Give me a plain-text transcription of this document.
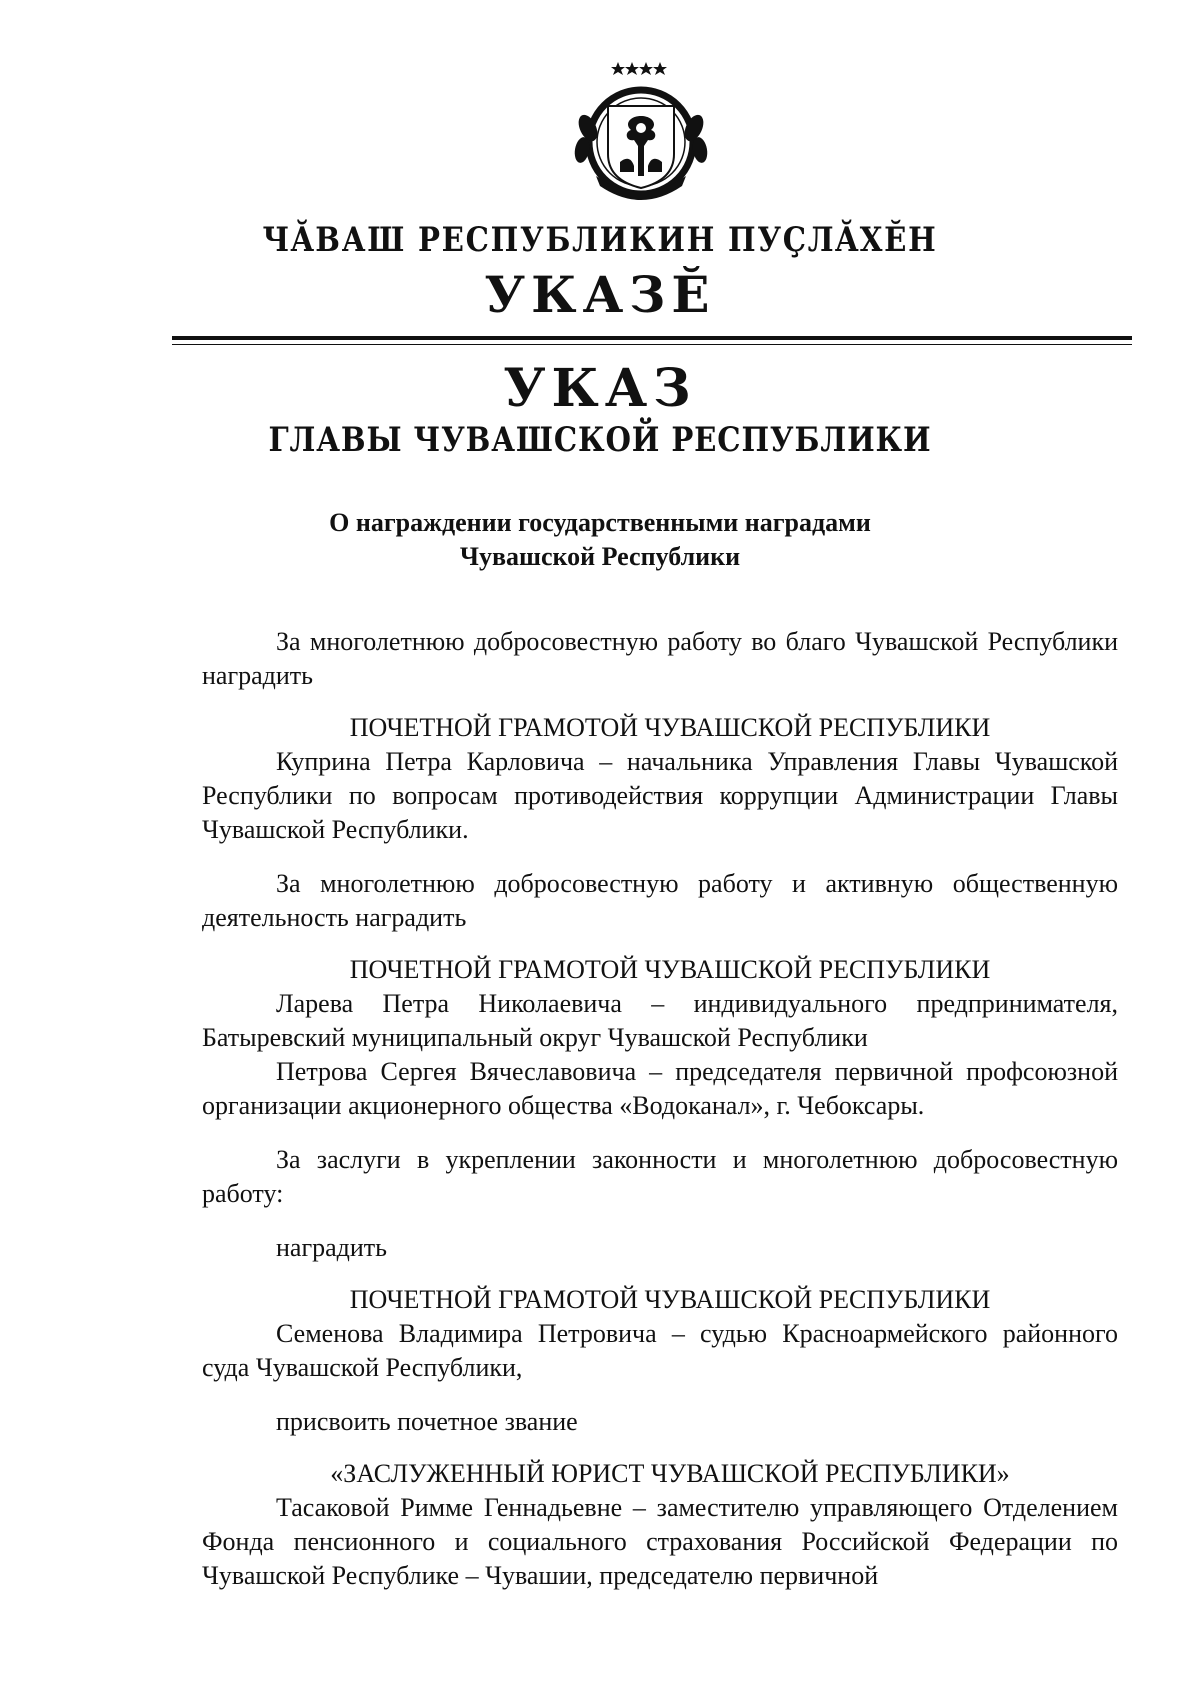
ЧĂВАШ РЕСПУБЛИКИН ПУÇЛĂХĔН
УКАЗĔ
УКАЗ
ГЛАВЫ ЧУВАШСКОЙ РЕСПУБЛИКИ
О награждении государственными наградами
Чувашской Республики

За многолетнюю добросовестную работу во благо Чувашской Республики наградить

ПОЧЕТНОЙ ГРАМОТОЙ ЧУВАШСКОЙ РЕСПУБЛИКИ

Куприна Петра Карловича – начальника Управления Главы Чувашской Республики по вопросам противодействия коррупции Администрации Главы Чувашской Республики.

За многолетнюю добросовестную работу и активную общественную деятельность наградить

ПОЧЕТНОЙ ГРАМОТОЙ ЧУВАШСКОЙ РЕСПУБЛИКИ

Ларева Петра Николаевича – индивидуального предпринимателя, Батыревский муниципальный округ Чувашской Республики

Петрова Сергея Вячеславовича – председателя первичной профсоюзной организации акционерного общества «Водоканал», г. Чебоксары.

За заслуги в укреплении законности и многолетнюю добросовестную работу:

наградить

ПОЧЕТНОЙ ГРАМОТОЙ ЧУВАШСКОЙ РЕСПУБЛИКИ

Семенова Владимира Петровича – судью Красноармейского районного суда Чувашской Республики,

присвоить почетное звание

«ЗАСЛУЖЕННЫЙ ЮРИСТ ЧУВАШСКОЙ РЕСПУБЛИКИ»

Тасаковой Римме Геннадьевне – заместителю управляющего Отделением Фонда пенсионного и социального страхования Российской Федерации по Чувашской Республике – Чувашии, председателю первичной
